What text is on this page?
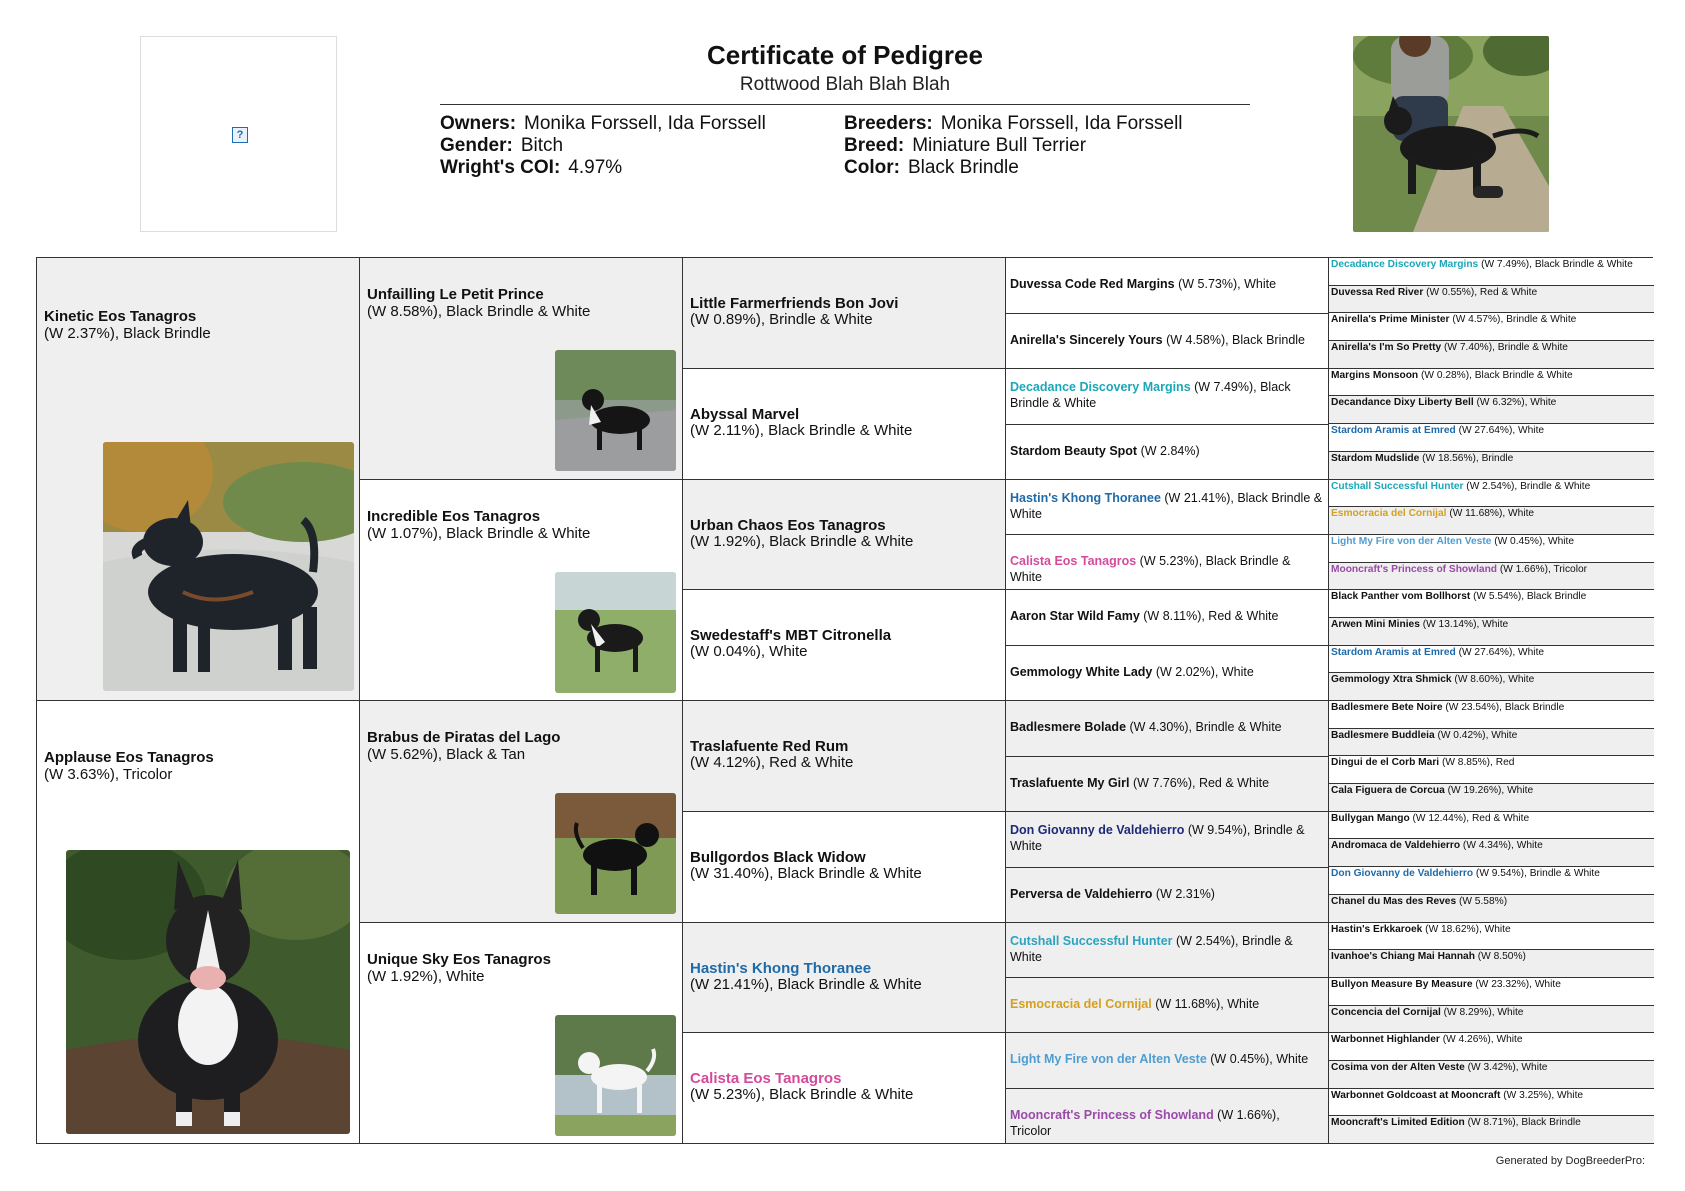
?
Certificate of Pedigree
Rottwood Blah Blah Blah
Owners: Monika Forssell, Ida Forssell
Gender: Bitch
Wright's COI: 4.97%
Breeders: Monika Forssell, Ida Forssell
Breed: Miniature Bull Terrier
Color: Black Brindle
Kinetic Eos Tanagros
(W 2.37%), Black Brindle
Applause Eos Tanagros
(W 3.63%), Tricolor
Unfailling Le Petit Prince
(W 8.58%), Black Brindle & White
Incredible Eos Tanagros
(W 1.07%), Black Brindle & White
Brabus de Piratas del Lago
(W 5.62%), Black & Tan
Unique Sky Eos Tanagros
(W 1.92%), White
Little Farmerfriends Bon Jovi
(W 0.89%), Brindle & White
Abyssal Marvel
(W 2.11%), Black Brindle & White
Urban Chaos Eos Tanagros
(W 1.92%), Black Brindle & White
Swedestaff's MBT Citronella
(W 0.04%), White
Traslafuente Red Rum
(W 4.12%), Red & White
Bullgordos Black Widow
(W 31.40%), Black Brindle & White
Hastin's Khong Thoranee
(W 21.41%), Black Brindle & White
Calista Eos Tanagros
(W 5.23%), Black Brindle & White
Duvessa Code Red Margins (W 5.73%), White
Anirella's Sincerely Yours (W 4.58%), Black Brindle
Decadance Discovery Margins (W 7.49%), Black Brindle & White
Stardom Beauty Spot (W 2.84%)
Hastin's Khong Thoranee (W 21.41%), Black Brindle & White
Calista Eos Tanagros (W 5.23%), Black Brindle & White
Aaron Star Wild Famy (W 8.11%), Red & White
Gemmology White Lady (W 2.02%), White
Badlesmere Bolade (W 4.30%), Brindle & White
Traslafuente My Girl (W 7.76%), Red & White
Don Giovanny de Valdehierro (W 9.54%), Brindle & White
Perversa de Valdehierro (W 2.31%)
Cutshall Successful Hunter (W 2.54%), Brindle & White
Esmocracia del Cornijal (W 11.68%), White
Light My Fire von der Alten Veste (W 0.45%), White
Mooncraft's Princess of Showland (W 1.66%), Tricolor
Decadance Discovery Margins (W 7.49%), Black Brindle & White
Duvessa Red River (W 0.55%), Red & White
Anirella's Prime Minister (W 4.57%), Brindle & White
Anirella's I'm So Pretty (W 7.40%), Brindle & White
Margins Monsoon (W 0.28%), Black Brindle & White
Decandance Dixy Liberty Bell (W 6.32%), White
Stardom Aramis at Emred (W 27.64%), White
Stardom Mudslide (W 18.56%), Brindle
Cutshall Successful Hunter (W 2.54%), Brindle & White
Esmocracia del Cornijal (W 11.68%), White
Light My Fire von der Alten Veste (W 0.45%), White
Mooncraft's Princess of Showland (W 1.66%), Tricolor
Black Panther vom Bollhorst (W 5.54%), Black Brindle
Arwen Mini Minies (W 13.14%), White
Stardom Aramis at Emred (W 27.64%), White
Gemmology Xtra Shmick (W 8.60%), White
Badlesmere Bete Noire (W 23.54%), Black Brindle
Badlesmere Buddleia (W 0.42%), White
Dingui de el Corb Mari (W 8.85%), Red
Cala Figuera de Corcua (W 19.26%), White
Bullygan Mango (W 12.44%), Red & White
Andromaca de Valdehierro (W 4.34%), White
Don Giovanny de Valdehierro (W 9.54%), Brindle & White
Chanel du Mas des Reves (W 5.58%)
Hastin's Erkkaroek (W 18.62%), White
Ivanhoe's Chiang Mai Hannah (W 8.50%)
Bullyon Measure By Measure (W 23.32%), White
Concencia del Cornijal (W 8.29%), White
Warbonnet Highlander (W 4.26%), White
Cosima von der Alten Veste (W 3.42%), White
Warbonnet Goldcoast at Mooncraft (W 3.25%), White
Mooncraft's Limited Edition (W 8.71%), Black Brindle
Generated by DogBreederPro:
